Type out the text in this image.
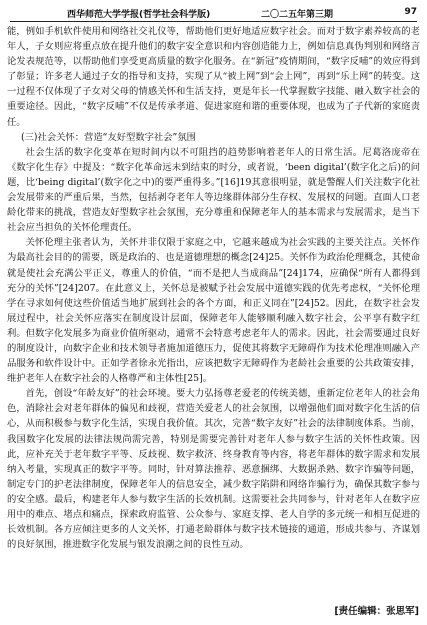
西华师范大学学报(哲学社会科学版)	二〇二五年第三期	97

能，例如手机软件使用和网络社交礼仪等，帮助他们更好地适应数字社会。而对于数字素养较高的老年人，子女则应将重点放在提升他们的数字安全意识和内容创造能力上，例如信息真伪判别和网络言论发表规范等，以帮助他们享受更高质量的数字化服务。在“新冠”疫情期间，“数字反哺”的效应得到了彰显；许多老人通过子女的指导和支持，实现了从“被上网”到“会上网”，再到“乐上网”的转变。这一过程不仅体现了子女对父母的情感关怀和生活支持，更是年长一代掌握数字技能、融入数字社会的重要途径。因此，“数字反哺”不仅是传承孝道、促进家庭和谐的重要体现，也成为了子代新的家庭责任。

(三)社会关怀：营造“友好型数字社会”氛围

社会生活的数字化变革在短时间内以不可阻挡的趋势影响着老年人的日常生活。尼葛洛庞帝在《数字化生存》中提及：“数字化革命远未到结束的时分，或者说，‘been digital’(数字化之后)的问题，比‘being digital’(数字化之中)的要严重得多。”[16]19其意很明显，就是警醒人们关注数字化社会发展带来的严重后果，当然，包括剥夺老年人等边缘群体部分生存权、发展权的问题。直面人口老龄化带来的挑战，营造友好型数字社会氛围，充分尊重和保障老年人的基本需求与发展需求，是当下社会应当担负的关怀伦理责任。

关怀伦理主张者认为，关怀并非仅限于家庭之中，它越来越成为社会实践的主要关注点。关怀作为最高社会目的的需要，既是政治的、也是道德理想的概念[24]25。关怀作为政治伦理概念，其使命就是使社会充满公平正义，尊重人的价值，“而不是把人当成商品”[24]174，应确保“所有人都得到充分的关怀”[24]207。在此意义上，关怀总是被赋予社会发展中道德实践的优先考虑权，“关怀伦理学在寻求如何使这些价值适当地扩展到社会的各个方面，和正义同在”[24]52。因此，在数字社会发展过程中，社会关怀应落实在制度设计层面，保障老年人能够顺利融入数字社会，公平享有数字红利。但数字化发展多为商业价值所驱动，通常不会特意考虑老年人的需求。因此，社会需要通过良好的制度设计，向数字企业和技术领导者施加道德压力，促使其将数字无障碍作为技术伦理准则融入产品服务和软件设计中。正如学者徐永光指出，应该把数字无障碍作为老龄社会重要的公共政策安排，维护老年人在数字社会的人格尊严和主体性[25]。

首先，创设“年龄友好”的社会环境。要大力弘扬尊老爱老的传统美德，重新定位老年人的社会角色，消除社会对老年群体的偏见和歧视，营造关爱老人的社会氛围，以增强他们面对数字化生活的信心，从而积极参与数字化生活，实现自我价值。其次，完善“数字友好”社会的法律制度体系。当前，我国数字化发展的法律法规尚需完善，特别是需要完善针对老年人参与数字生活的关怀性政策。因此，应补充关于老年数字平等、反歧视、数字救济、终身教育等内容，将老年群体的数字需求和发展纳入考量，实现真正的数字平等。同时，针对算法推荐、恶意捆绑、大数据杀熟、数字诈骗等问题，制定专门的护老法律制度，保障老年人的信息安全，减少数字陷阱和网络诈骗行为，确保其数字参与的安全感。最后，构建老年人参与数字生活的长效机制。这需要社会共同参与，针对老年人在数字应用中的难点、堵点和痛点，探索政府监管、公众参与、家庭支撑、老人自学的多元统一和相互促进的长效机制。各方应倾注更多的人文关怀，打通老龄群体与数字技术链接的通道，形成共参与、齐谋划的良好氛围，推进数字化发展与银发浪潮之间的良性互动。

[责任编辑：张思军]
